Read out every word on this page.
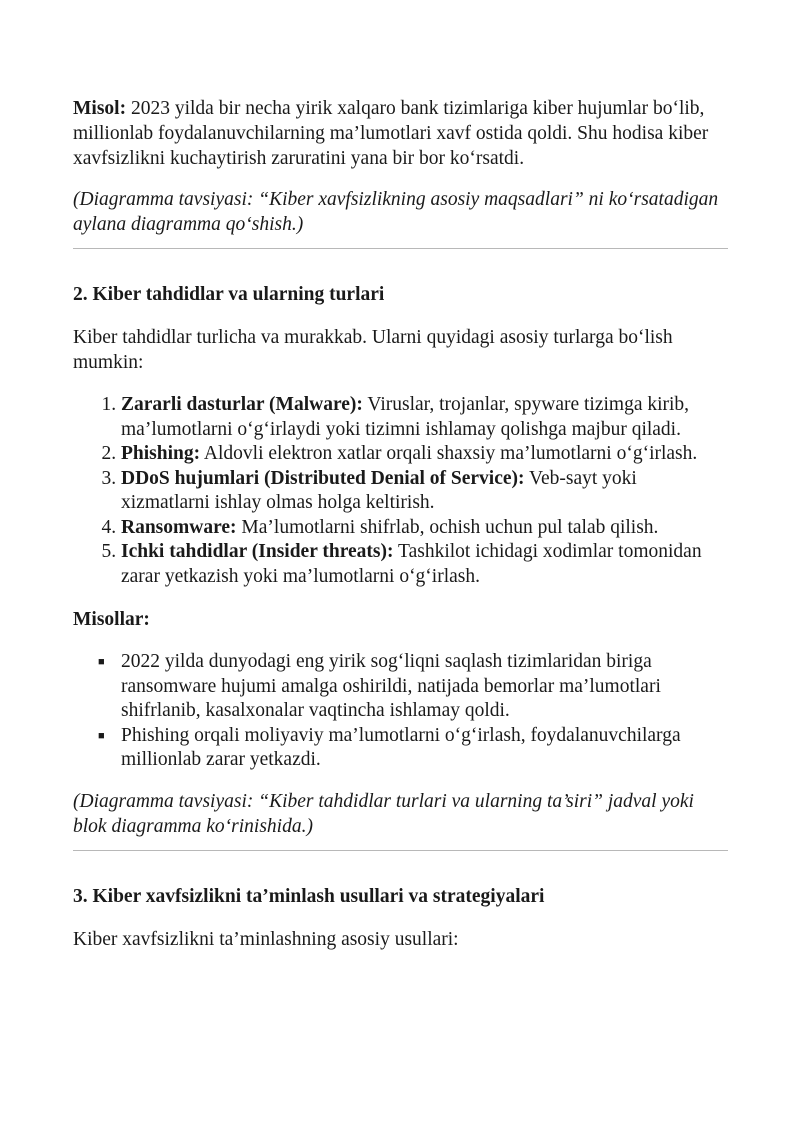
Misol: 2023 yilda bir necha yirik xalqaro bank tizimlariga kiber hujumlar bo‘lib, millionlab foydalanuvchilarning ma’lumotlari xavf ostida qoldi. Shu hodisa kiber xavfsizlikni kuchaytirish zaruratini yana bir bor ko‘rsatdi.

(Diagramma tavsiyasi: “Kiber xavfsizlikning asosiy maqsadlari” ni ko‘rsatadigan aylana diagramma qo‘shish.)

2. Kiber tahdidlar va ularning turlari

Kiber tahdidlar turlicha va murakkab. Ularni quyidagi asosiy turlarga bo‘lish mumkin:

1. Zararli dasturlar (Malware): Viruslar, trojanlar, spyware tizimga kirib, ma’lumotlarni o‘g‘irlaydi yoki tizimni ishlamay qolishga majbur qiladi.
2. Phishing: Aldovli elektron xatlar orqali shaxsiy ma’lumotlarni o‘g‘irlash.
3. DDoS hujumlari (Distributed Denial of Service): Veb-sayt yoki xizmatlarni ishlay olmas holga keltirish.
4. Ransomware: Ma’lumotlarni shifrlab, ochish uchun pul talab qilish.
5. Ichki tahdidlar (Insider threats): Tashkilot ichidagi xodimlar tomonidan zarar yetkazish yoki ma’lumotlarni o‘g‘irlash.

Misollar:

■ 2022 yilda dunyodagi eng yirik sog‘liqni saqlash tizimlaridan biriga ransomware hujumi amalga oshirildi, natijada bemorlar ma’lumotlari shifrlanib, kasalxonalar vaqtincha ishlamay qoldi.
■ Phishing orqali moliyaviy ma’lumotlarni o‘g‘irlash, foydalanuvchilarga millionlab zarar yetkazdi.

(Diagramma tavsiyasi: “Kiber tahdidlar turlari va ularning ta’siri” jadval yoki blok diagramma ko‘rinishida.)

3. Kiber xavfsizlikni ta’minlash usullari va strategiyalari

Kiber xavfsizlikni ta’minlashning asosiy usullari:
